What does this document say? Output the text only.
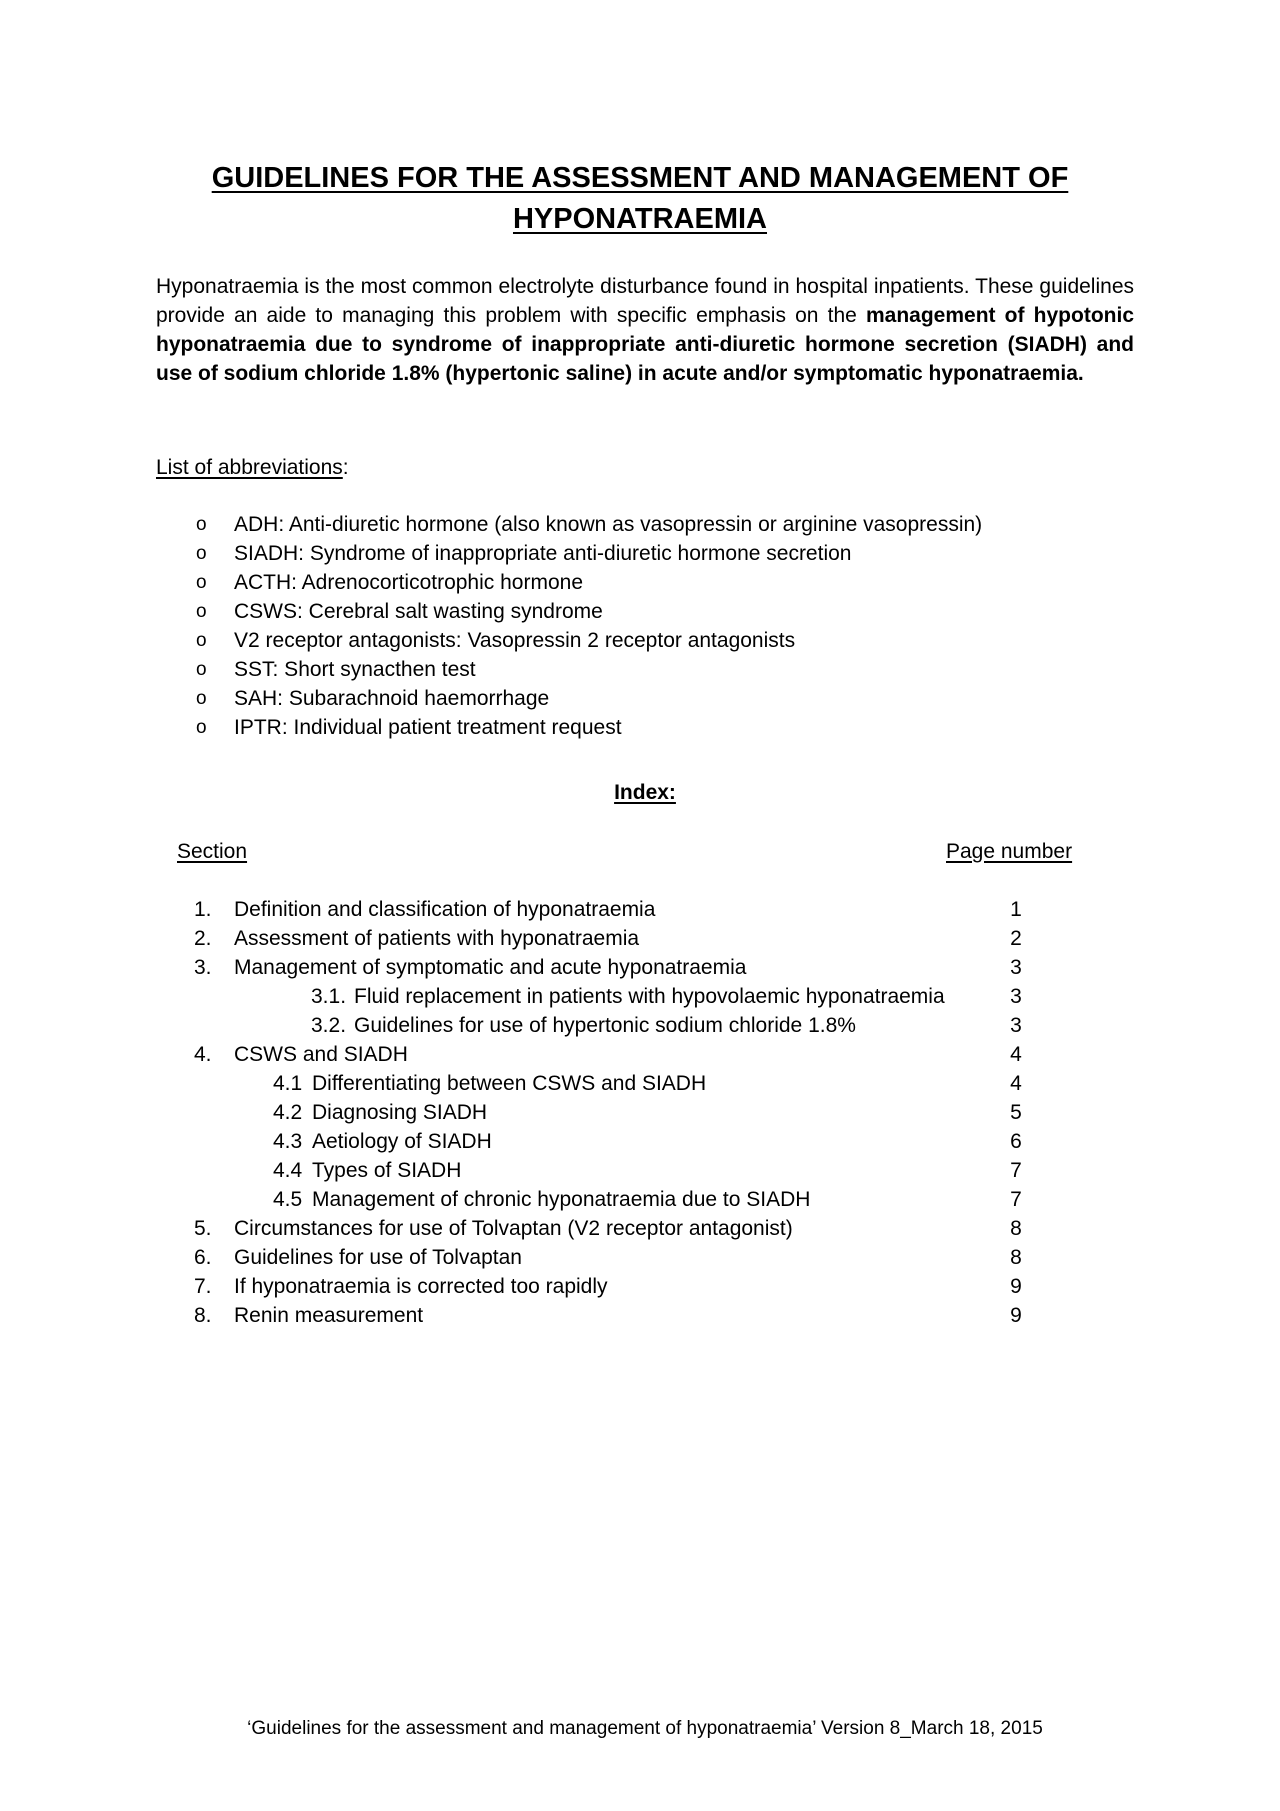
GUIDELINES FOR THE ASSESSMENT AND MANAGEMENT OF
HYPONATRAEMIA
Hyponatraemia is the most common electrolyte disturbance found in hospital inpatients. These guidelines provide an aide to managing this problem with specific emphasis on the management of hypotonic hyponatraemia due to syndrome of inappropriate anti-diuretic hormone secretion (SIADH) and use of sodium chloride 1.8% (hypertonic saline) in acute and/or symptomatic hyponatraemia.
List of abbreviations:
o ADH: Anti-diuretic hormone (also known as vasopressin or arginine vasopressin)
o SIADH: Syndrome of inappropriate anti-diuretic hormone secretion
o ACTH: Adrenocorticotrophic hormone
o CSWS: Cerebral salt wasting syndrome
o V2 receptor antagonists: Vasopressin 2 receptor antagonists
o SST: Short synacthen test
o SAH: Subarachnoid haemorrhage
o IPTR: Individual patient treatment request
Index:
Section	Page number
1. Definition and classification of hyponatraemia	1
2. Assessment of patients with hyponatraemia	2
3. Management of symptomatic and acute hyponatraemia	3
3.1. Fluid replacement in patients with hypovolaemic hyponatraemia	3
3.2. Guidelines for use of hypertonic sodium chloride 1.8%	3
4. CSWS and SIADH	4
4.1 Differentiating between CSWS and SIADH	4
4.2 Diagnosing SIADH	5
4.3 Aetiology of SIADH	6
4.4 Types of SIADH	7
4.5 Management of chronic hyponatraemia due to SIADH	7
5. Circumstances for use of Tolvaptan (V2 receptor antagonist)	8
6. Guidelines for use of Tolvaptan	8
7. If hyponatraemia is corrected too rapidly	9
8. Renin measurement	9
‘Guidelines for the assessment and management of hyponatraemia’ Version 8_March 18, 2015
